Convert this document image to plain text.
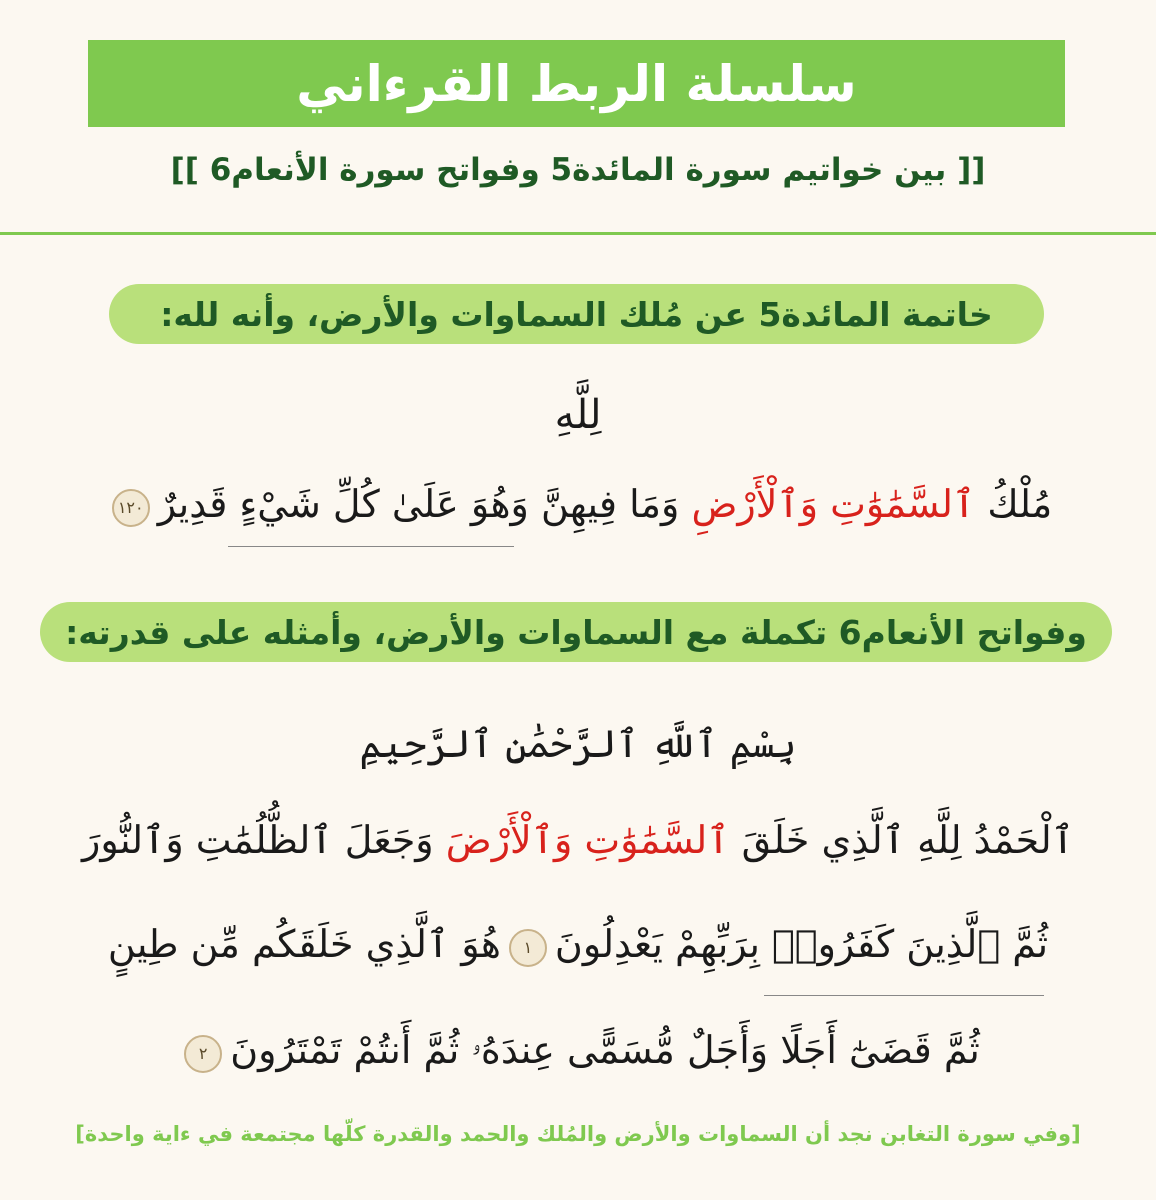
سلسلة الربط القرءاني
[[ بين خواتيم سورة المائدة5 وفواتح سورة الأنعام6 ]]
خاتمة المائدة5 عن مُلك السماوات والأرض، وأنه لله:
لِلَّهِ
مُلْكُ ٱلسَّمَٰوَٰتِ وَٱلْأَرْضِ وَمَا فِيهِنَّ وَهُوَ عَلَىٰ كُلِّ شَيْءٍ قَدِيرٌ١٢٠
وفواتح الأنعام6 تكملة مع السماوات والأرض، وأمثله على قدرته:
بِسْمِ ٱللَّهِ ٱلرَّحْمَٰنِ ٱلرَّحِيمِ
ٱلْحَمْدُ لِلَّهِ ٱلَّذِي خَلَقَ ٱلسَّمَٰوَٰتِ وَٱلْأَرْضَ وَجَعَلَ ٱلظُّلُمَٰتِ وَٱلنُّورَ
ثُمَّ ٱلَّذِينَ كَفَرُوا۟ بِرَبِّهِمْ يَعْدِلُونَ١هُوَ ٱلَّذِي خَلَقَكُم مِّن طِينٍ
ثُمَّ قَضَىٰٓ أَجَلًا وَأَجَلٌ مُّسَمًّى عِندَهُۥ ثُمَّ أَنتُمْ تَمْتَرُونَ٢
[وفي سورة التغابن نجد أن السماوات والأرض والمُلك والحمد والقدرة كلّها مجتمعة في ءاية واحدة]
